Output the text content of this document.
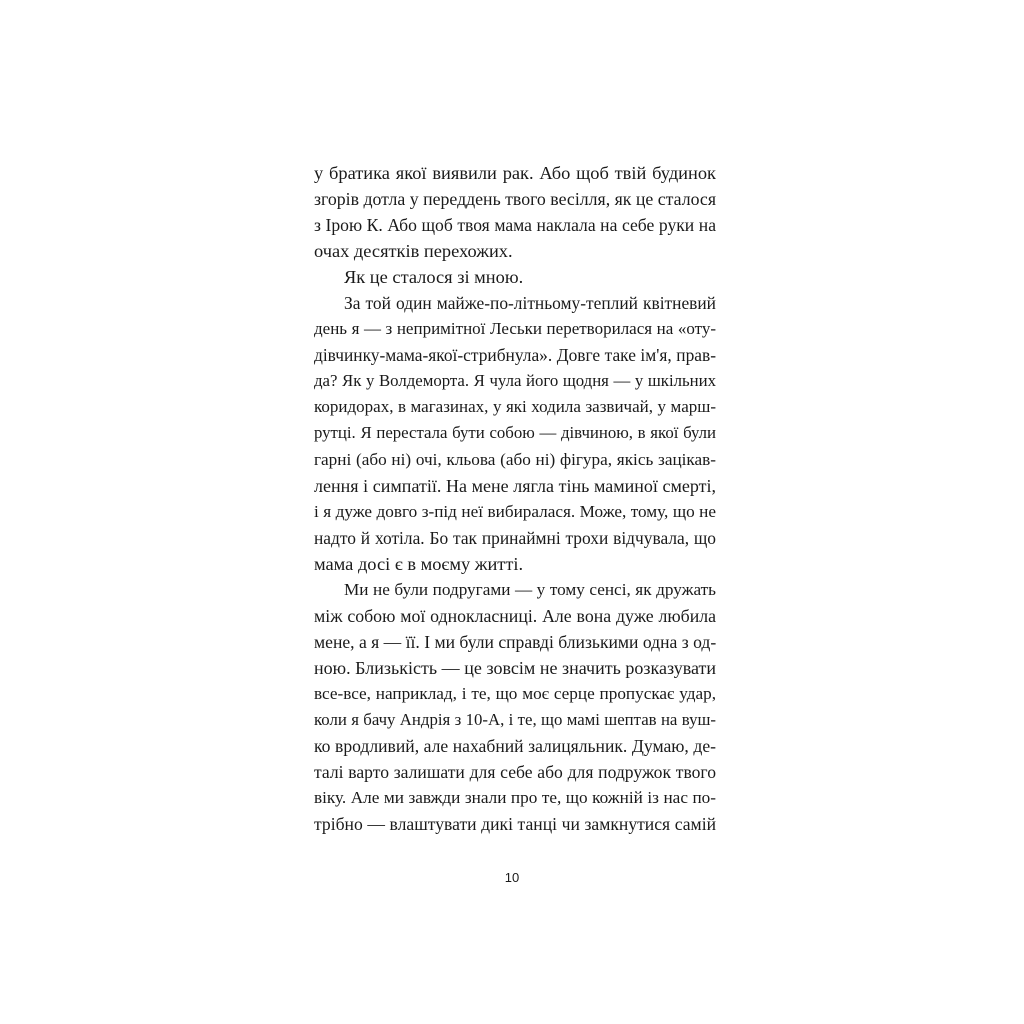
у братика якої виявили рак. Або щоб твій будинок
згорів дотла у переддень твого весілля, як це сталося
з Ірою К. Або щоб твоя мама наклала на себе руки на
очах десятків перехожих.
Як це сталося зі мною.
За той один майже-по-літньому-теплий квітневий
день я — з непримітної Леськи перетворилася на «оту-
дівчинку-мама-якої-стрибнула». Довге таке ім'я, прав-
да? Як у Волдеморта. Я чула його щодня — у шкільних
коридорах, в магазинах, у які ходила зазвичай, у марш-
рутці. Я перестала бути собою — дівчиною, в якої були
гарні (або ні) очі, кльова (або ні) фігура, якісь зацікав-
лення і симпатії. На мене лягла тінь маминої смерті,
і я дуже довго з-під неї вибиралася. Може, тому, що не
надто й хотіла. Бо так принаймні трохи відчувала, що
мама досі є в моєму житті.
Ми не були подругами — у тому сенсі, як дружать
між собою мої однокласниці. Але вона дуже любила
мене, а я — її. І ми були справді близькими одна з од-
ною. Близькість — це зовсім не значить розказувати
все-все, наприклад, і те, що моє серце пропускає удар,
коли я бачу Андрія з 10-А, і те, що мамі шептав на вуш-
ко вродливий, але нахабний залицяльник. Думаю, де-
талі варто залишати для себе або для подружок твого
віку. Але ми завжди знали про те, що кожній із нас по-
трібно — влаштувати дикі танці чи замкнутися самій
10
